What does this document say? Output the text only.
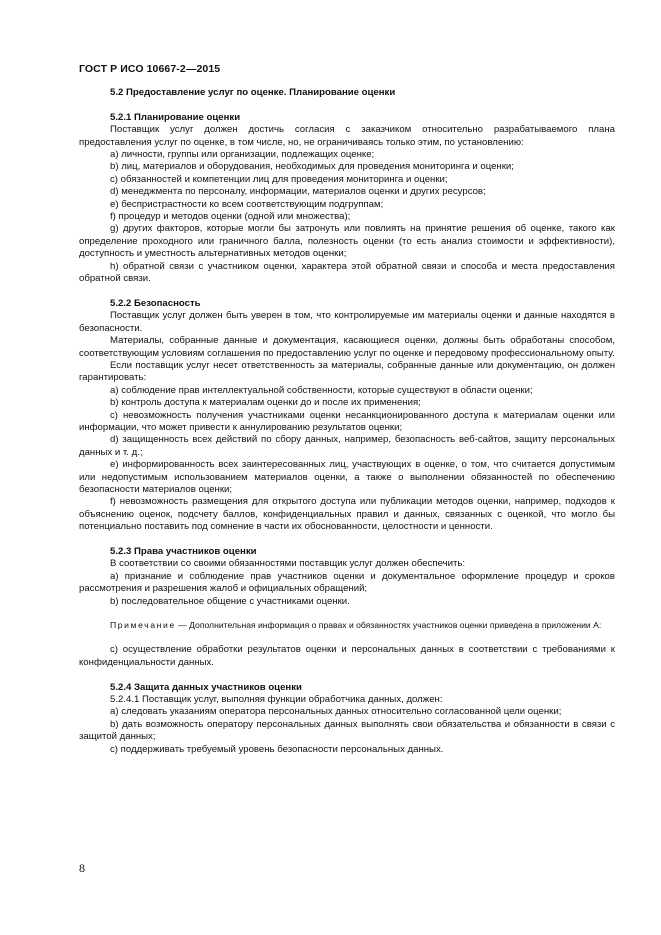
ГОСТ Р ИСО 10667-2—2015

5.2 Предоставление услуг по оценке. Планирование оценки

5.2.1 Планирование оценки

Поставщик услуг должен достичь согласия с заказчиком относительно разрабатываемого плана предоставления услуг по оценке, в том числе, но, не ограничиваясь только этим, по установлению:

a) личности, группы или организации, подлежащих оценке;

b) лиц, материалов и оборудования, необходимых для проведения мониторинга и оценки;

c) обязанностей и компетенции лиц для проведения мониторинга и оценки;

d) менеджмента по персоналу, информации, материалов оценки и других ресурсов;

e) беспристрастности ко всем соответствующим подгруппам;

f) процедур и методов оценки (одной или множества);

g) других факторов, которые могли бы затронуть или повлиять на принятие решения об оценке, такого как определение проходного или граничного балла, полезность оценки (то есть анализ стоимости и эффективности), доступность и уместность альтернативных методов оценки;

h) обратной связи с участником оценки, характера этой обратной связи и способа и места предоставления обратной связи.

5.2.2 Безопасность

Поставщик услуг должен быть уверен в том, что контролируемые им материалы оценки и данные находятся в безопасности.

Материалы, собранные данные и документация, касающиеся оценки, должны быть обработаны способом, соответствующим условиям соглашения по предоставлению услуг по оценке и передовому профессиональному опыту.

Если поставщик услуг несет ответственность за материалы, собранные данные или документацию, он должен гарантировать:

a) соблюдение прав интеллектуальной собственности, которые существуют в области оценки;

b) контроль доступа к материалам оценки до и после их применения;

c) невозможность получения участниками оценки несанкционированного доступа к материалам оценки или информации, что может привести к аннулированию результатов оценки;

d) защищенность всех действий по сбору данных, например, безопасность веб-сайтов, защиту персональных данных и т. д.;

e) информированность всех заинтересованных лиц, участвующих в оценке, о том, что считается допустимым или недопустимым использованием материалов оценки, а также о выполнении обязанностей по обеспечению безопасности материалов оценки;

f) невозможность размещения для открытого доступа или публикации методов оценки, например, подходов к объяснению оценок, подсчету баллов, конфиденциальных правил и данных, связанных с оценкой, что могло бы потенциально поставить под сомнение в части их обоснованности, целостности и ценности.

5.2.3 Права участников оценки

В соответствии со своими обязанностями поставщик услуг должен обеспечить:

a) признание и соблюдение прав участников оценки и документальное оформление процедур и сроков рассмотрения и разрешения жалоб и официальных обращений;

b) последовательное общение с участниками оценки.

Примечание — Дополнительная информация о правах и обязанностях участников оценки приведена в приложении А:

c) осуществление обработки результатов оценки и персональных данных в соответствии с требованиями к конфиденциальности данных.

5.2.4 Защита данных участников оценки

5.2.4.1 Поставщик услуг, выполняя функции обработчика данных, должен:

a) следовать указаниям оператора персональных данных относительно согласованной цели оценки;

b) дать возможность оператору персональных данных выполнять свои обязательства и обязанности в связи с защитой данных;

c) поддерживать требуемый уровень безопасности персональных данных.

8
